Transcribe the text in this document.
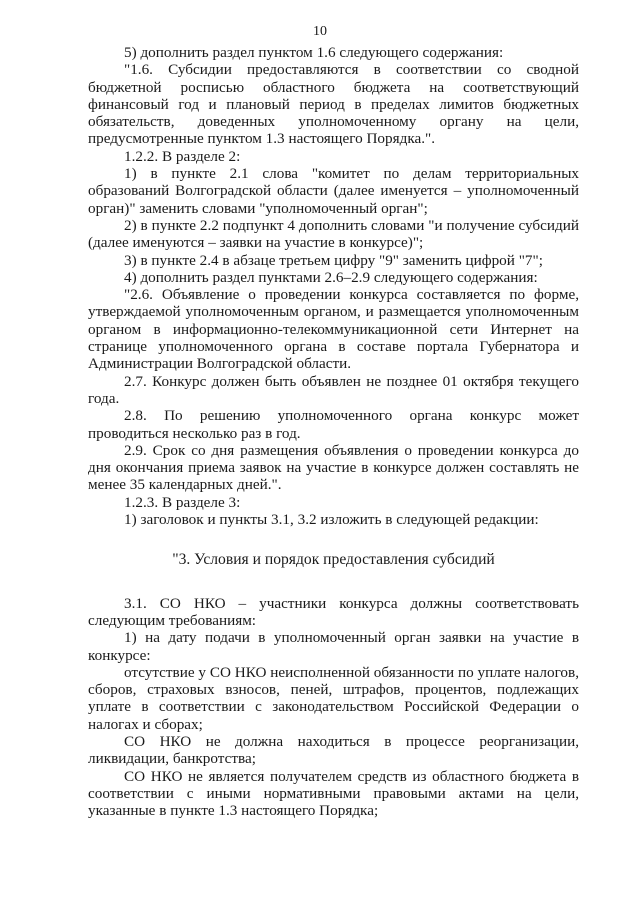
10

5) дополнить раздел пунктом 1.6 следующего содержания:

"1.6. Субсидии предоставляются в соответствии со сводной бюджетной росписью областного бюджета на соответствующий финансовый год и плановый период в пределах лимитов бюджетных обязательств, доведенных уполномоченному органу на цели, предусмотренные пунктом 1.3 настоящего Порядка.".

1.2.2. В разделе 2:

1) в пункте 2.1 слова "комитет по делам территориальных образований Волгоградской области (далее именуется – уполномоченный орган)" заменить словами "уполномоченный орган";

2) в пункте 2.2 подпункт 4 дополнить словами "и получение субсидий (далее именуются – заявки на участие в конкурсе)";

3) в пункте 2.4 в абзаце третьем цифру "9" заменить цифрой "7";

4) дополнить раздел пунктами 2.6–2.9 следующего содержания:

"2.6. Объявление о проведении конкурса составляется по форме, утверждаемой уполномоченным органом, и размещается уполномоченным органом в информационно-телекоммуникационной сети Интернет на странице уполномоченного органа в составе портала Губернатора и Администрации Волгоградской области.

2.7. Конкурс должен быть объявлен не позднее 01 октября текущего года.

2.8. По решению уполномоченного органа конкурс может проводиться несколько раз в год.

2.9. Срок со дня размещения объявления о проведении конкурса до дня окончания приема заявок на участие в конкурсе должен составлять не менее 35 календарных дней.".

1.2.3. В разделе 3:

1) заголовок и пункты 3.1, 3.2 изложить в следующей редакции:

"3. Условия и порядок предоставления субсидий

3.1. СО НКО – участники конкурса должны соответствовать следующим требованиям:

1) на дату подачи в уполномоченный орган заявки на участие в конкурсе:

отсутствие у СО НКО неисполненной обязанности по уплате налогов, сборов, страховых взносов, пеней, штрафов, процентов, подлежащих уплате в соответствии с законодательством Российской Федерации о налогах и сборах;

СО НКО не должна находиться в процессе реорганизации, ликвидации, банкротства;

СО НКО не является получателем средств из областного бюджета в соответствии с иными нормативными правовыми актами на цели, указанные в пункте 1.3 настоящего Порядка;
